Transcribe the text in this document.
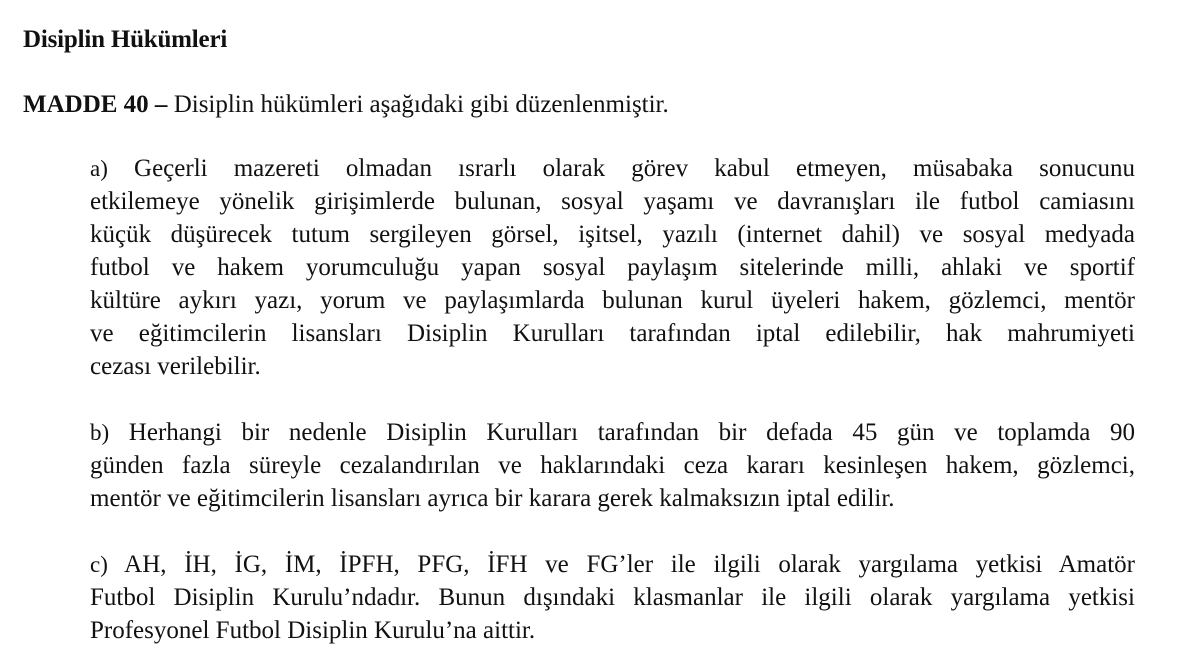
Disiplin Hükümleri

MADDE 40 – Disiplin hükümleri aşağıdaki gibi düzenlenmiştir.

a) Geçerli mazereti olmadan ısrarlı olarak görev kabul etmeyen, müsabaka sonucunu
etkilemeye yönelik girişimlerde bulunan, sosyal yaşamı ve davranışları ile futbol camiasını
küçük düşürecek tutum sergileyen görsel, işitsel, yazılı (internet dahil) ve sosyal medyada
futbol ve hakem yorumculuğu yapan sosyal paylaşım sitelerinde milli, ahlaki ve sportif
kültüre aykırı yazı, yorum ve paylaşımlarda bulunan kurul üyeleri hakem, gözlemci, mentör
ve eğitimcilerin lisansları Disiplin Kurulları tarafından iptal edilebilir, hak mahrumiyeti
cezası verilebilir.

b) Herhangi bir nedenle Disiplin Kurulları tarafından bir defada 45 gün ve toplamda 90
günden fazla süreyle cezalandırılan ve haklarındaki ceza kararı kesinleşen hakem, gözlemci,
mentör ve eğitimcilerin lisansları ayrıca bir karara gerek kalmaksızın iptal edilir.

c) AH, İH, İG, İM, İPFH, PFG, İFH ve FG’ler ile ilgili olarak yargılama yetkisi Amatör
Futbol Disiplin Kurulu’ndadır. Bunun dışındaki klasmanlar ile ilgili olarak yargılama yetkisi
Profesyonel Futbol Disiplin Kurulu’na aittir.
